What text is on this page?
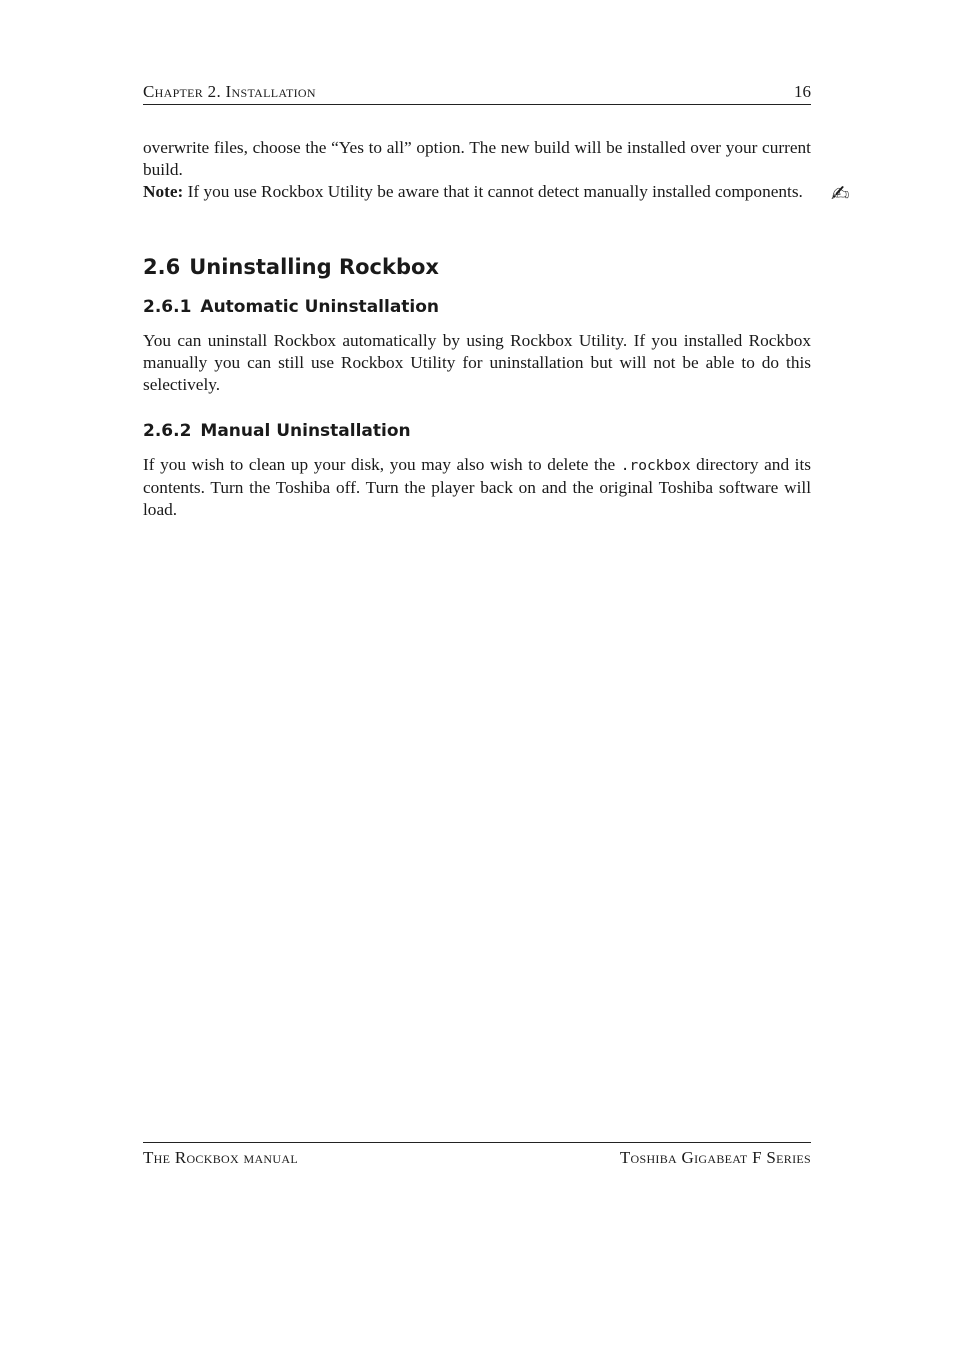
Chapter 2. Installation	16

overwrite files, choose the “Yes to all” option. The new build will be installed over your current build.

Note: If you use Rockbox Utility be aware that it cannot detect manually installed components.	✍
2.6 Uninstalling Rockbox
2.6.1 Automatic Uninstallation

You can uninstall Rockbox automatically by using Rockbox Utility. If you installed Rockbox manually you can still use Rockbox Utility for uninstallation but will not be able to do this selectively.

2.6.2 Manual Uninstallation

If you wish to clean up your disk, you may also wish to delete the .rockbox directory and its contents. Turn the Toshiba off. Turn the player back on and the original Toshiba software will load.

The Rockbox manual	Toshiba Gigabeat F Series
